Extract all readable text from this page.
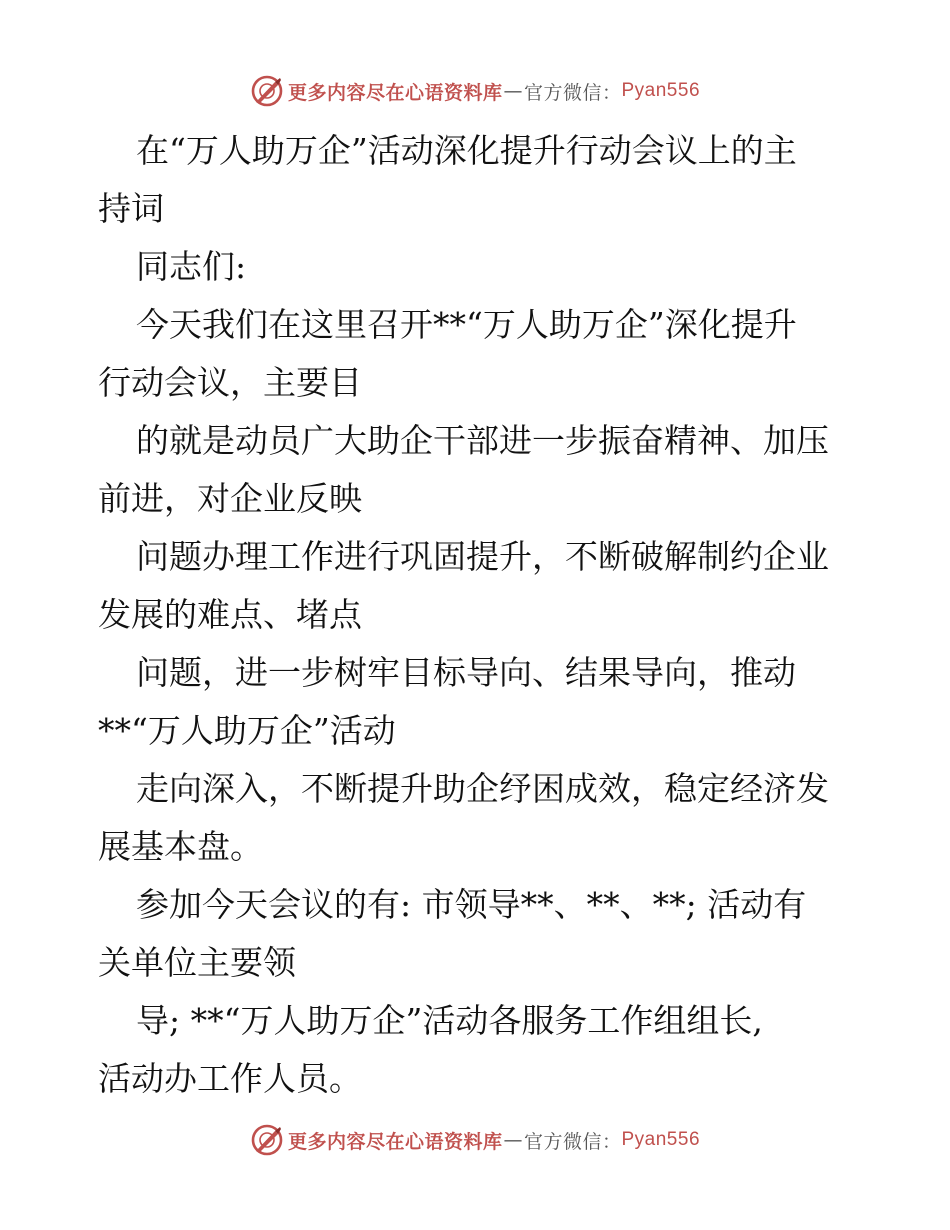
更多内容尽在心语资料库 — 官方微信： Pyan556

在“万人助万企”活动深化提升行动会议上的主

持词

同志们:

今天我们在这里召开**“万人助万企”深化提升

行动会议，主要目

的就是动员广大助企干部进一步振奋精神、加压

前进，对企业反映

问题办理工作进行巩固提升，不断破解制约企业

发展的难点、堵点

问题，进一步树牢目标导向、结果导向，推动

**“万人助万企”活动

走向深入，不断提升助企纾困成效，稳定经济发

展基本盘。

参加今天会议的有: 市领导**、**、**; 活动有

关单位主要领

导; **“万人助万企”活动各服务工作组组长,

活动办工作人员。

更多内容尽在心语资料库 — 官方微信： Pyan556
